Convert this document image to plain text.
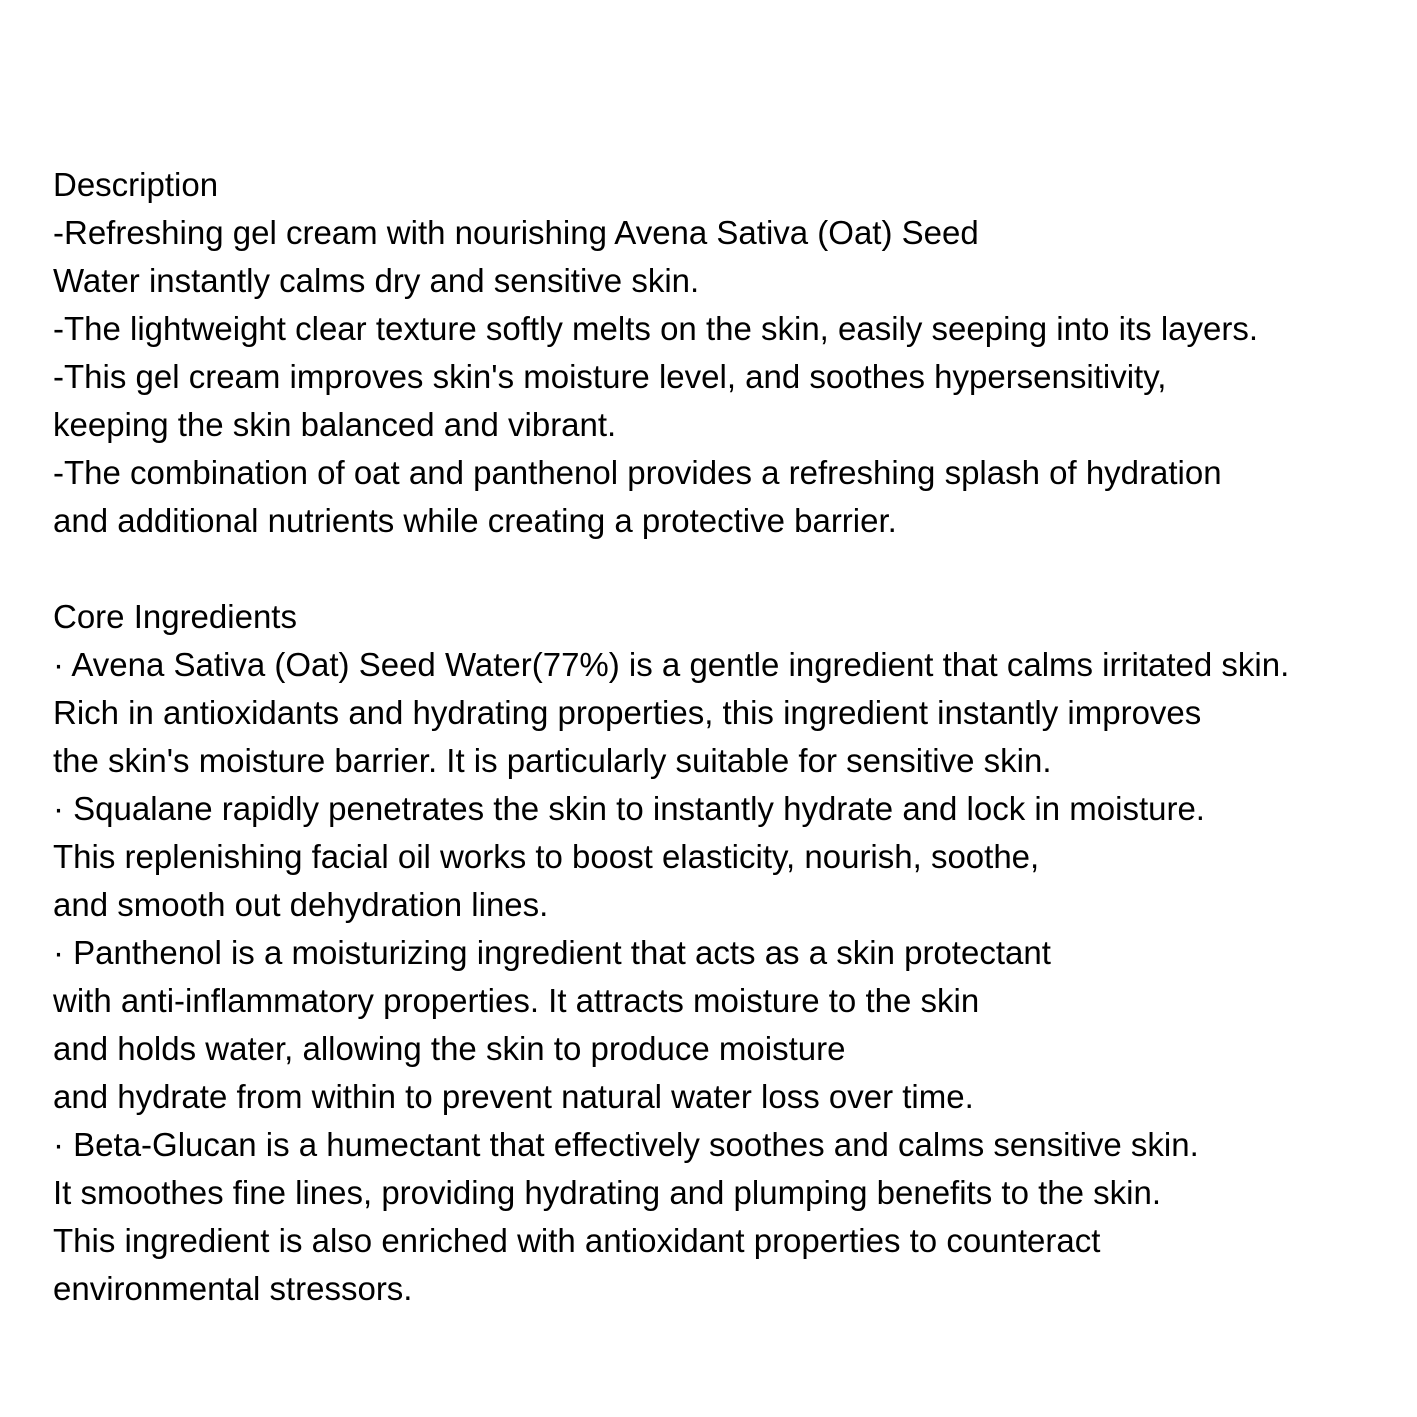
Description
-Refreshing gel cream with nourishing Avena Sativa (Oat) Seed
Water instantly calms dry and sensitive skin.
-The lightweight clear texture softly melts on the skin, easily seeping into its layers.
-This gel cream improves skin's moisture level, and soothes hypersensitivity,
keeping the skin balanced and vibrant.
-The combination of oat and panthenol provides a refreshing splash of hydration
and additional nutrients while creating a protective barrier.
Core Ingredients
· Avena Sativa (Oat) Seed Water(77%) is a gentle ingredient that calms irritated skin.
Rich in antioxidants and hydrating properties, this ingredient instantly improves
the skin's moisture barrier. It is particularly suitable for sensitive skin.
· Squalane rapidly penetrates the skin to instantly hydrate and lock in moisture.
This replenishing facial oil works to boost elasticity, nourish, soothe,
and smooth out dehydration lines.
· Panthenol is a moisturizing ingredient that acts as a skin protectant
with anti-inflammatory properties. It attracts moisture to the skin
and holds water, allowing the skin to produce moisture
and hydrate from within to prevent natural water loss over time.
· Beta-Glucan is a humectant that effectively soothes and calms sensitive skin.
It smoothes fine lines, providing hydrating and plumping benefits to the skin.
This ingredient is also enriched with antioxidant properties to counteract
environmental stressors.
